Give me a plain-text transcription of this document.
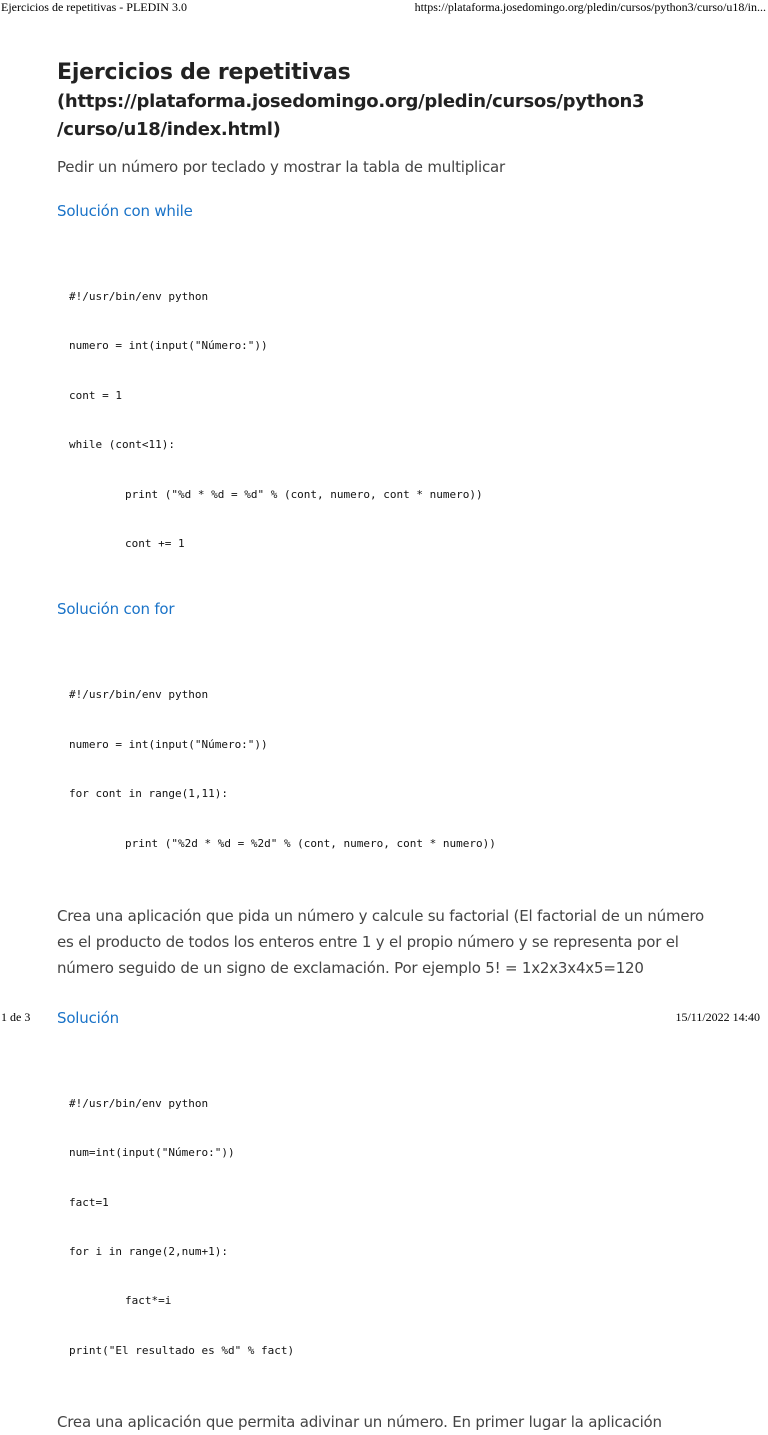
Ejercicios de repetitivas - PLEDIN 3.0	https://plataforma.josedomingo.org/pledin/cursos/python3/curso/u18/in...
Ejercicios de repetitivas
(https://plataforma.josedomingo.org/pledin/cursos/python3
/curso/u18/index.html)

Pedir un número por teclado y mostrar la tabla de multiplicar

Solución con while

#!/usr/bin/env python

numero = int(input("Número:"))

cont = 1

while (cont<11):

print ("%d * %d = %d" % (cont, numero, cont * numero))

cont += 1

Solución con for

#!/usr/bin/env python

numero = int(input("Número:"))

for cont in range(1,11):

print ("%2d * %d = %2d" % (cont, numero, cont * numero))

Crea una aplicación que pida un número y calcule su factorial (El factorial de un número
es el producto de todos los enteros entre 1 y el propio número y se representa por el
número seguido de un signo de exclamación. Por ejemplo 5! = 1x2x3x4x5=120
Solución

#!/usr/bin/env python

num=int(input("Número:"))

fact=1

for i in range(2,num+1):

fact*=i

print("El resultado es %d" % fact)

Crea una aplicación que permita adivinar un número. En primer lugar la aplicación
1 de 3	15/11/2022 14:40
